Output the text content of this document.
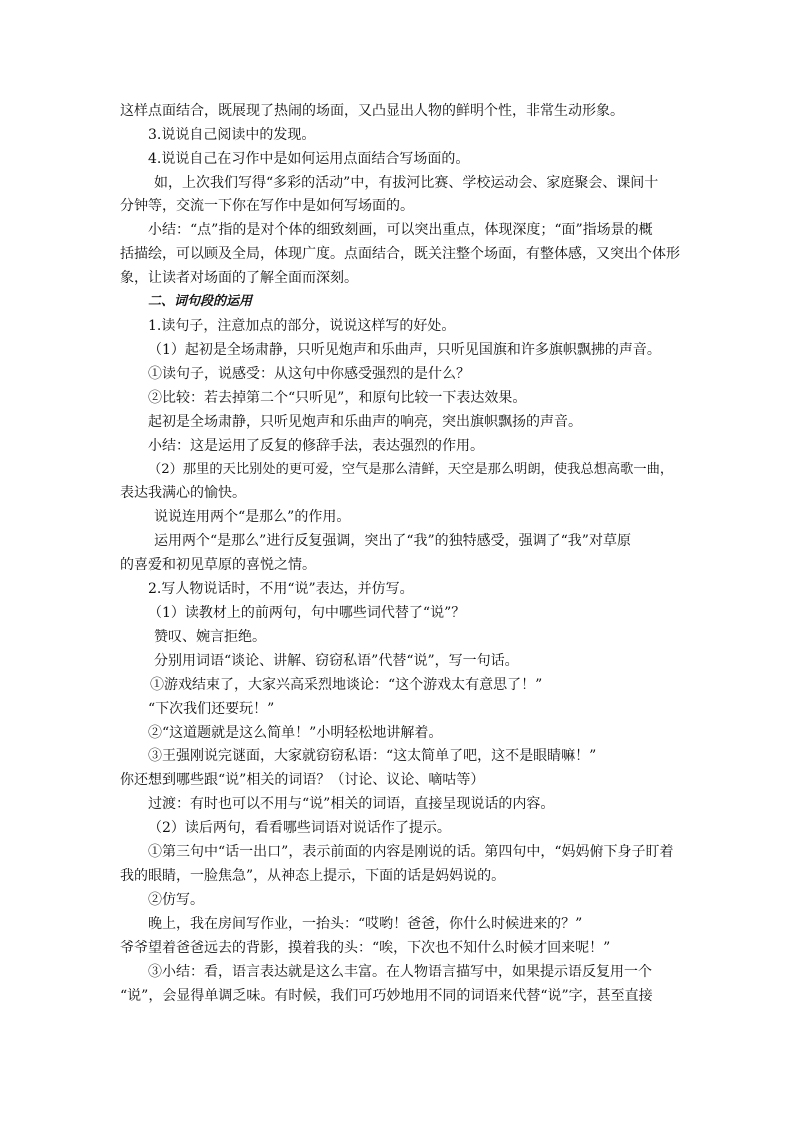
这样点面结合，既展现了热闹的场面，又凸显出人物的鲜明个性，非常生动形象。
3.说说自己阅读中的发现。
4.说说自己在习作中是如何运用点面结合写场面的。
如，上次我们写得“多彩的活动”中，有拔河比赛、学校运动会、家庭聚会、课间十
分钟等，交流一下你在写作中是如何写场面的。
小结：“点”指的是对个体的细致刻画，可以突出重点，体现深度；“面”指场景的概
括描绘，可以顾及全局，体现广度。点面结合，既关注整个场面，有整体感，又突出个体形
象，让读者对场面的了解全面而深刻。
二、词句段的运用
1.读句子，注意加点的部分，说说这样写的好处。
（1）起初是全场肃静，只听见炮声和乐曲声，只听见国旗和许多旗帜飘拂的声音。
①读句子，说感受：从这句中你感受强烈的是什么？
②比较：若去掉第二个“只听见”，和原句比较一下表达效果。
起初是全场肃静，只听见炮声和乐曲声的响亮，突出旗帜飘扬的声音。
小结：这是运用了反复的修辞手法，表达强烈的作用。
（2）那里的天比别处的更可爱，空气是那么清鲜，天空是那么明朗，使我总想高歌一曲，
表达我满心的愉快。
说说连用两个“是那么”的作用。
运用两个“是那么”进行反复强调，突出了“我”的独特感受，强调了“我”对草原
的喜爱和初见草原的喜悦之情。
2.写人物说话时，不用“说”表达，并仿写。
（1）读教材上的前两句，句中哪些词代替了“说”？
赞叹、婉言拒绝。
分别用词语“谈论、讲解、窃窃私语”代替“说”，写一句话。
①游戏结束了，大家兴高采烈地谈论：“这个游戏太有意思了！”
“下次我们还要玩！”
②“这道题就是这么简单！”小明轻松地讲解着。
③王强刚说完谜面，大家就窃窃私语：“这太简单了吧，这不是眼睛嘛！”
你还想到哪些跟“说”相关的词语？（讨论、议论、嘀咕等）
过渡：有时也可以不用与“说”相关的词语，直接呈现说话的内容。
（2）读后两句，看看哪些词语对说话作了提示。
①第三句中“话一出口”，表示前面的内容是刚说的话。第四句中，“妈妈俯下身子盯着
我的眼睛，一脸焦急”，从神态上提示，下面的话是妈妈说的。
②仿写。
晚上，我在房间写作业，一抬头：“哎哟！爸爸，你什么时候进来的？”
爷爷望着爸爸远去的背影，摸着我的头：“唉，下次也不知什么时候才回来呢！”
③小结：看，语言表达就是这么丰富。在人物语言描写中，如果提示语反复用一个
“说”，会显得单调乏味。有时候，我们可巧妙地用不同的词语来代替“说”字，甚至直接
